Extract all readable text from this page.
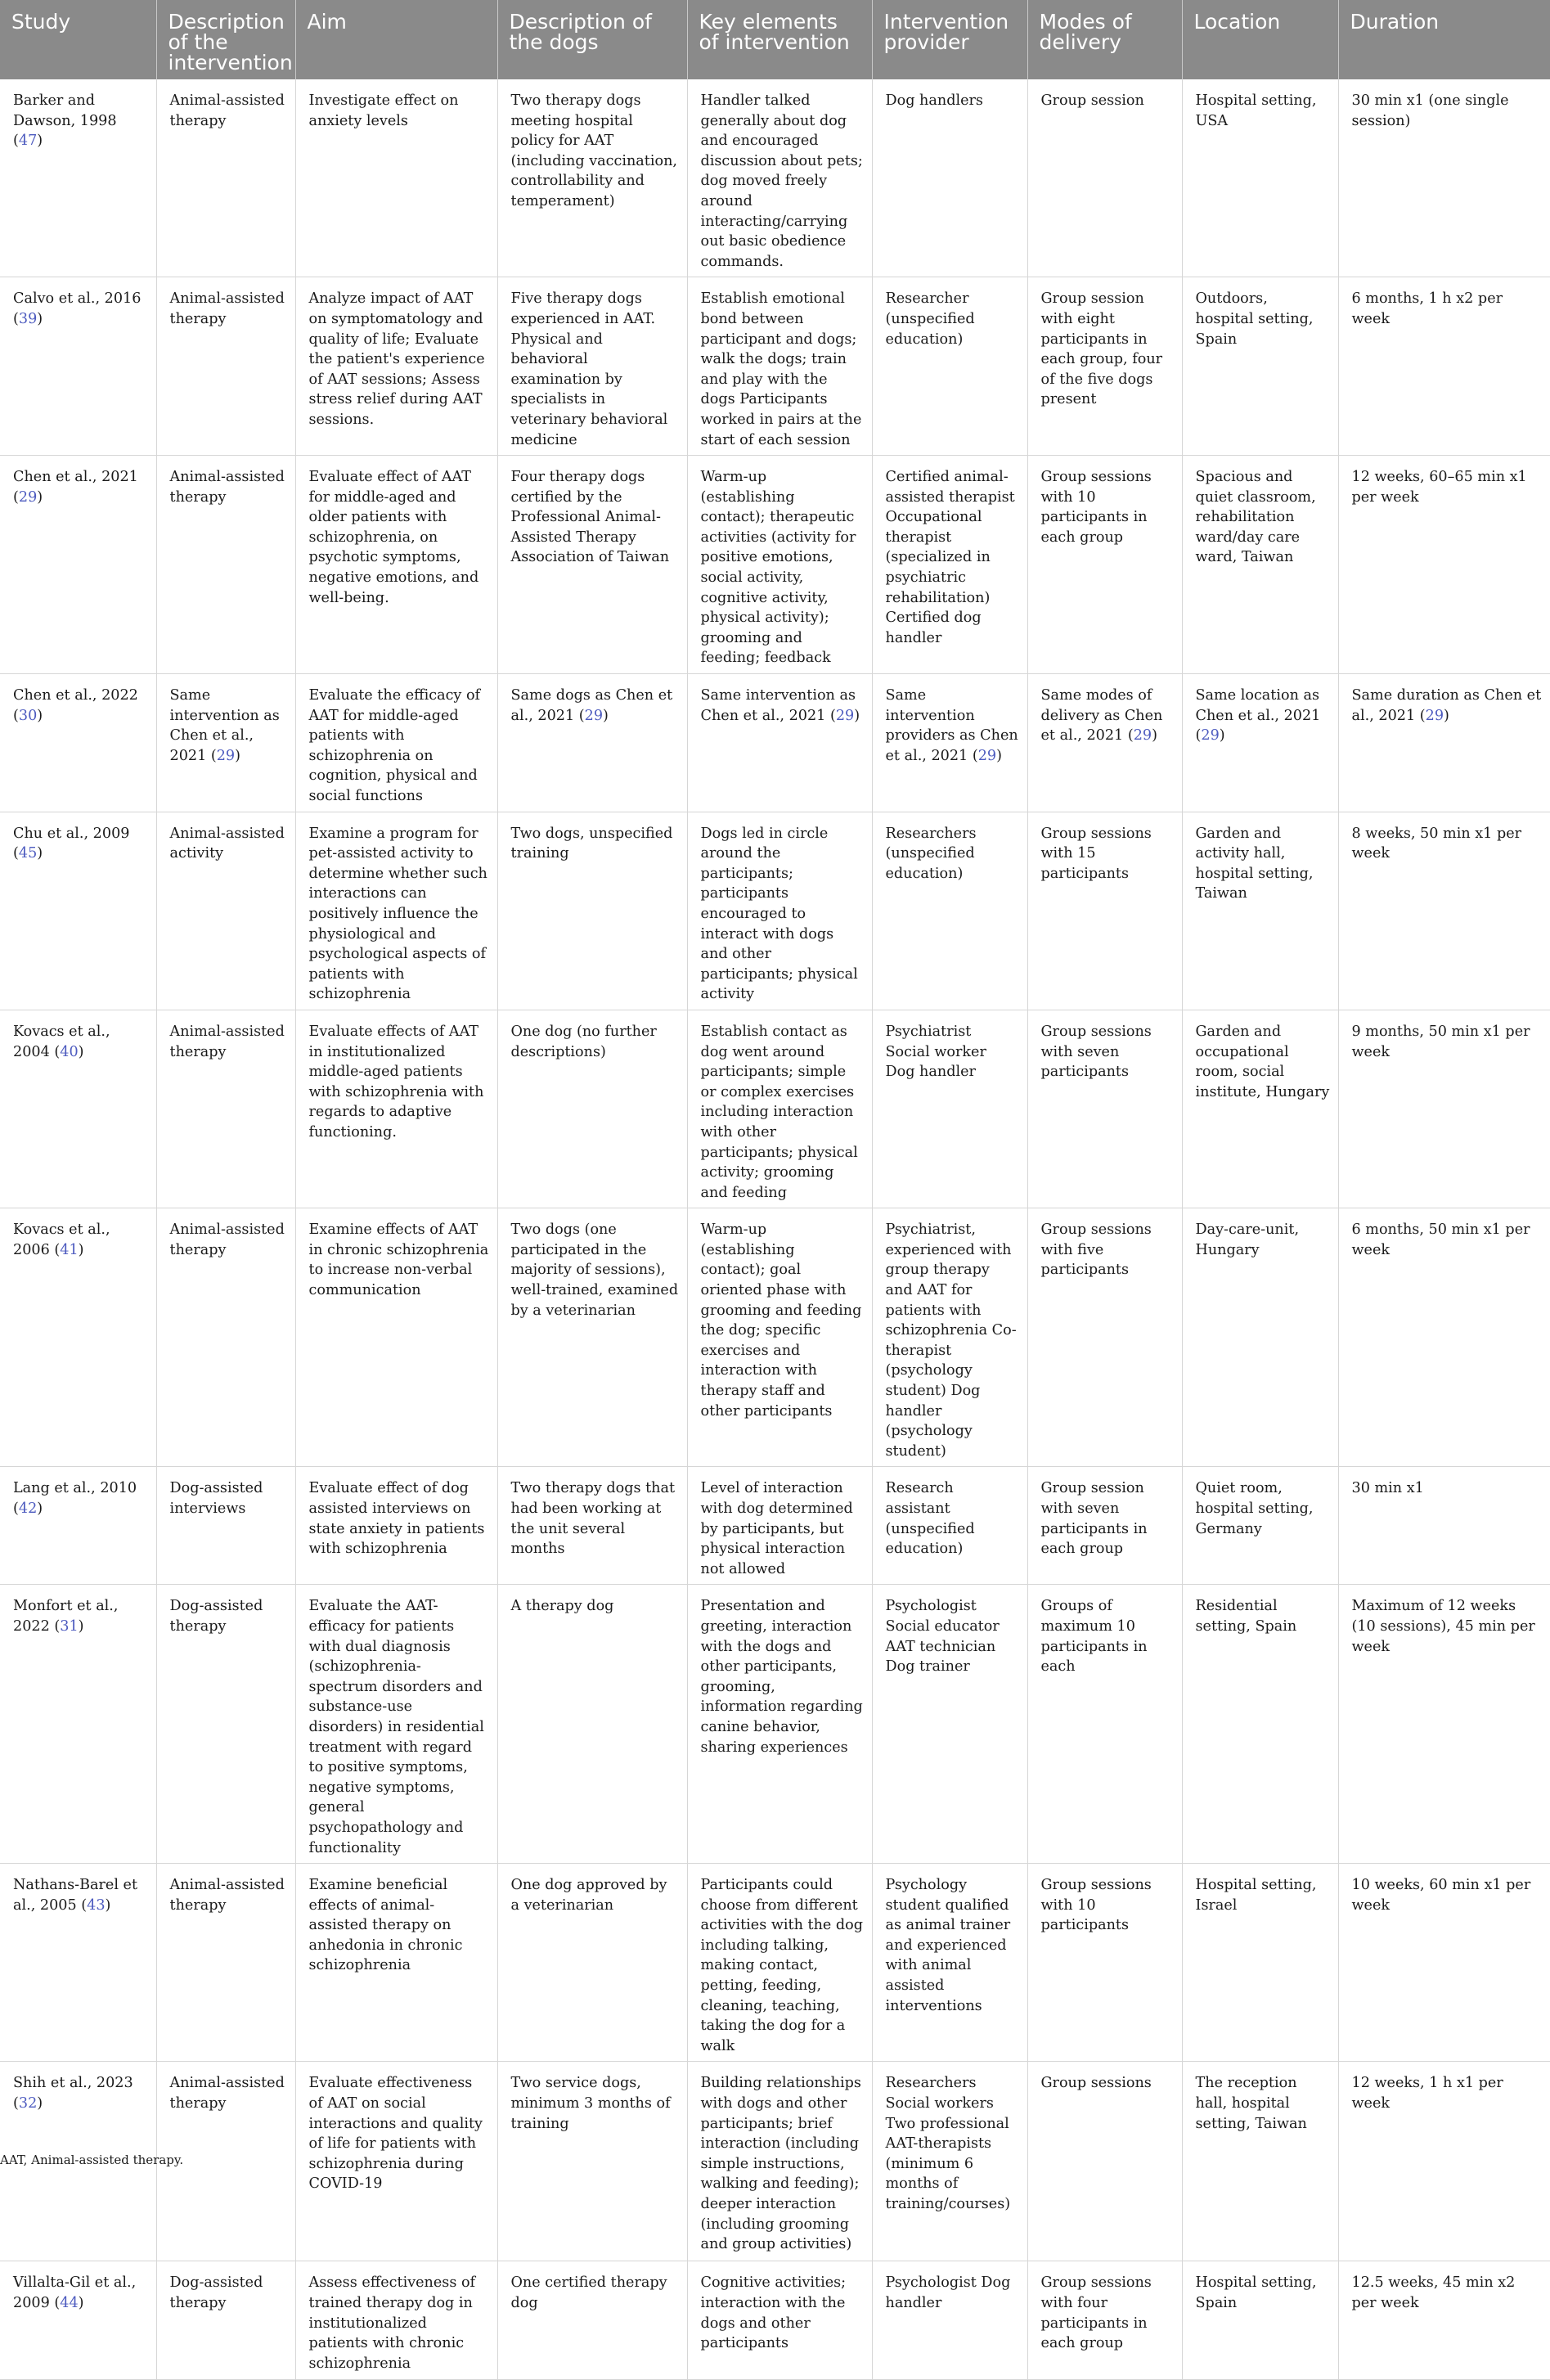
Study	Description of the intervention	Aim	Description of the dogs	Key elements of intervention	Intervention provider	Modes of delivery	Location	Duration
Barker and Dawson, 1998 (47)	Animal-assisted therapy	Investigate effect on anxiety levels	Two therapy dogs meeting hospital policy for AAT (including vaccination, controllability and temperament)	Handler talked generally about dog and encouraged discussion about pets; dog moved freely around interacting/carrying out basic obedience commands.	Dog handlers	Group session	Hospital setting, USA	30 min x1 (one single session)
Calvo et al., 2016 (39)	Animal-assisted therapy	Analyze impact of AAT on symptomatology and quality of life; Evaluate the patient's experience of AAT sessions; Assess stress relief during AAT sessions.	Five therapy dogs experienced in AAT. Physical and behavioral examination by specialists in veterinary behavioral medicine	Establish emotional bond between participant and dogs; walk the dogs; train and play with the dogs Participants worked in pairs at the start of each session	Researcher (unspecified education)	Group session with eight participants in each group, four of the five dogs present	Outdoors, hospital setting, Spain	6 months, 1 h x2 per week
Chen et al., 2021 (29)	Animal-assisted therapy	Evaluate effect of AAT for middle-aged and older patients with schizophrenia, on psychotic symptoms, negative emotions, and well-being.	Four therapy dogs certified by the Professional Animal-Assisted Therapy Association of Taiwan	Warm-up (establishing contact); therapeutic activities (activity for positive emotions, social activity, cognitive activity, physical activity); grooming and feeding; feedback	Certified animal-assisted therapist Occupational therapist (specialized in psychiatric rehabilitation) Certified dog handler	Group sessions with 10 participants in each group	Spacious and quiet classroom, rehabilitation ward/day care ward, Taiwan	12 weeks, 60–65 min x1 per week
Chen et al., 2022 (30)	Same intervention as Chen et al., 2021 (29)	Evaluate the efficacy of AAT for middle-aged patients with schizophrenia on cognition, physical and social functions	Same dogs as Chen et al., 2021 (29)	Same intervention as Chen et al., 2021 (29)	Same intervention providers as Chen et al., 2021 (29)	Same modes of delivery as Chen et al., 2021 (29)	Same location as Chen et al., 2021 (29)	Same duration as Chen et al., 2021 (29)
Chu et al., 2009 (45)	Animal-assisted activity	Examine a program for pet-assisted activity to determine whether such interactions can positively influence the physiological and psychological aspects of patients with schizophrenia	Two dogs, unspecified training	Dogs led in circle around the participants; participants encouraged to interact with dogs and other participants; physical activity	Researchers (unspecified education)	Group sessions with 15 participants	Garden and activity hall, hospital setting, Taiwan	8 weeks, 50 min x1 per week
Kovacs et al., 2004 (40)	Animal-assisted therapy	Evaluate effects of AAT in institutionalized middle-aged patients with schizophrenia with regards to adaptive functioning.	One dog (no further descriptions)	Establish contact as dog went around participants; simple or complex exercises including interaction with other participants; physical activity; grooming and feeding	Psychiatrist Social worker Dog handler	Group sessions with seven participants	Garden and occupational room, social institute, Hungary	9 months, 50 min x1 per week
Kovacs et al., 2006 (41)	Animal-assisted therapy	Examine effects of AAT in chronic schizophrenia to increase non-verbal communication	Two dogs (one participated in the majority of sessions), well-trained, examined by a veterinarian	Warm-up (establishing contact); goal oriented phase with grooming and feeding the dog; specific exercises and interaction with therapy staff and other participants	Psychiatrist, experienced with group therapy and AAT for patients with schizophrenia Co-therapist (psychology student) Dog handler (psychology student)	Group sessions with five participants	Day-care-unit, Hungary	6 months, 50 min x1 per week
Lang et al., 2010 (42)	Dog-assisted interviews	Evaluate effect of dog assisted interviews on state anxiety in patients with schizophrenia	Two therapy dogs that had been working at the unit several months	Level of interaction with dog determined by participants, but physical interaction not allowed	Research assistant (unspecified education)	Group session with seven participants in each group	Quiet room, hospital setting, Germany	30 min x1
Monfort et al., 2022 (31)	Dog-assisted therapy	Evaluate the AAT-efficacy for patients with dual diagnosis (schizophrenia-spectrum disorders and substance-use disorders) in residential treatment with regard to positive symptoms, negative symptoms, general psychopathology and functionality	A therapy dog	Presentation and greeting, interaction with the dogs and other participants, grooming, information regarding canine behavior, sharing experiences	Psychologist Social educator AAT technician Dog trainer	Groups of maximum 10 participants in each	Residential setting, Spain	Maximum of 12 weeks (10 sessions), 45 min per week
Nathans-Barel et al., 2005 (43)	Animal-assisted therapy	Examine beneficial effects of animal-assisted therapy on anhedonia in chronic schizophrenia	One dog approved by a veterinarian	Participants could choose from different activities with the dog including talking, making contact, petting, feeding, cleaning, teaching, taking the dog for a walk	Psychology student qualified as animal trainer and experienced with animal assisted interventions	Group sessions with 10 participants	Hospital setting, Israel	10 weeks, 60 min x1 per week
Shih et al., 2023 (32)	Animal-assisted therapy	Evaluate effectiveness of AAT on social interactions and quality of life for patients with schizophrenia during COVID-19	Two service dogs, minimum 3 months of training	Building relationships with dogs and other participants; brief interaction (including simple instructions, walking and feeding); deeper interaction (including grooming and group activities)	Researchers Social workers Two professional AAT-therapists (minimum 6 months of training/courses)	Group sessions	The reception hall, hospital setting, Taiwan	12 weeks, 1 h x1 per week
Villalta-Gil et al., 2009 (44)	Dog-assisted therapy	Assess effectiveness of trained therapy dog in institutionalized patients with chronic schizophrenia	One certified therapy dog	Cognitive activities; interaction with the dogs and other participants	Psychologist Dog handler	Group sessions with four participants in each group	Hospital setting, Spain	12.5 weeks, 45 min x2 per week
AAT, Animal-assisted therapy.
